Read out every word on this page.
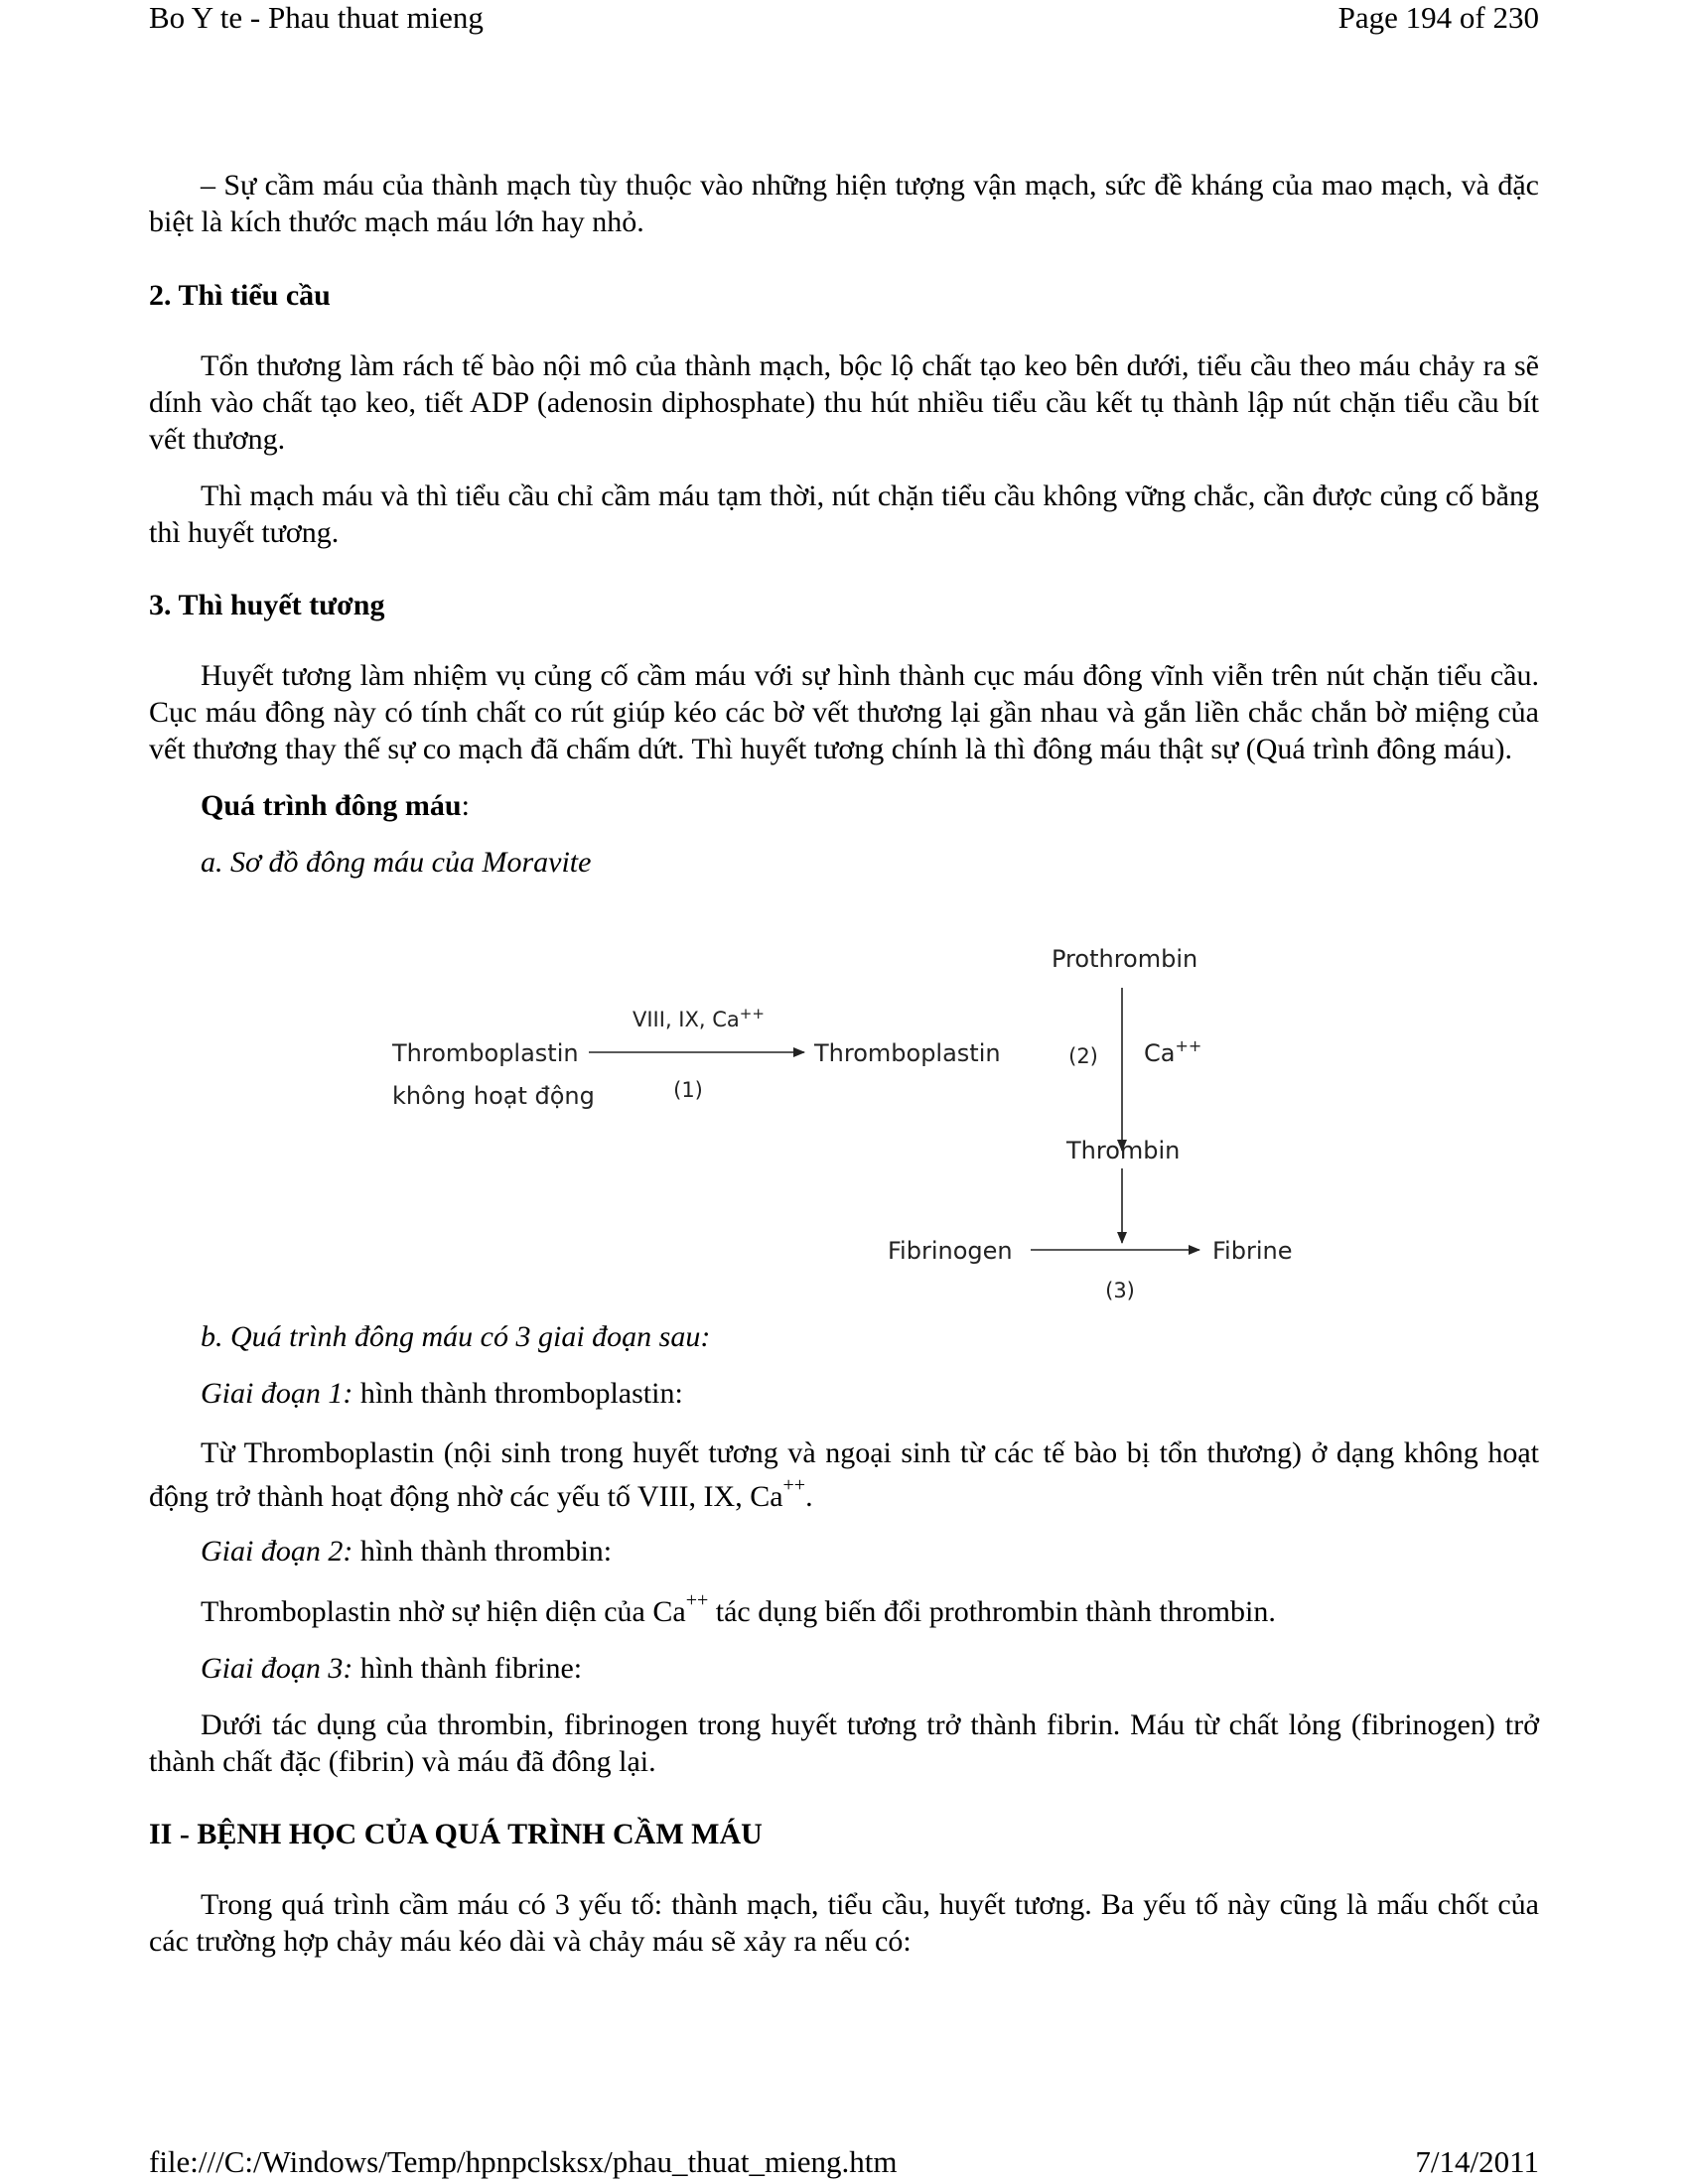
Bo Y te - Phau thuat mieng	Page 194 of 230

– Sự cầm máu của thành mạch tùy thuộc vào những hiện tượng vận mạch, sức đề kháng của mao mạch, và đặc biệt là kích thước mạch máu lớn hay nhỏ.

2. Thì tiểu cầu

Tổn thương làm rách tế bào nội mô của thành mạch, bộc lộ chất tạo keo bên dưới, tiểu cầu theo máu chảy ra sẽ dính vào chất tạo keo, tiết ADP (adenosin diphosphate) thu hút nhiều tiểu cầu kết tụ thành lập nút chặn tiểu cầu bít vết thương.

Thì mạch máu và thì tiểu cầu chỉ cầm máu tạm thời, nút chặn tiểu cầu không vững chắc, cần được củng cố bằng thì huyết tương.

3. Thì huyết tương

Huyết tương làm nhiệm vụ củng cố cầm máu với sự hình thành cục máu đông vĩnh viễn trên nút chặn tiểu cầu. Cục máu đông này có tính chất co rút giúp kéo các bờ vết thương lại gần nhau và gắn liền chắc chắn bờ miệng của vết thương thay thế sự co mạch đã chấm dứt. Thì huyết tương chính là thì đông máu thật sự (Quá trình đông máu).

Quá trình đông máu:

a. Sơ đồ đông máu của Moravite

Prothrombin
VIII, IX, Ca++
Thromboplastin
không hoạt động	(1)
Thromboplastin	(2) Ca++
Thrombin
Fibrinogen	Fibrine
(3)

b. Quá trình đông máu có 3 giai đoạn sau:

Giai đoạn 1: hình thành thromboplastin:

Từ Thromboplastin (nội sinh trong huyết tương và ngoại sinh từ các tế bào bị tổn thương) ở dạng không hoạt động trở thành hoạt động nhờ các yếu tố VIII, IX, Ca++.

Giai đoạn 2: hình thành thrombin:

Thromboplastin nhờ sự hiện diện của Ca++ tác dụng biến đổi prothrombin thành thrombin.

Giai đoạn 3: hình thành fibrine:

Dưới tác dụng của thrombin, fibrinogen trong huyết tương trở thành fibrin. Máu từ chất lỏng (fibrinogen) trở thành chất đặc (fibrin) và máu đã đông lại.

II - BỆNH HỌC CỦA QUÁ TRÌNH CẦM MÁU

Trong quá trình cầm máu có 3 yếu tố: thành mạch, tiểu cầu, huyết tương. Ba yếu tố này cũng là mấu chốt của các trường hợp chảy máu kéo dài và chảy máu sẽ xảy ra nếu có:

file:///C:/Windows/Temp/hpnpclsksx/phau_thuat_mieng.htm	7/14/2011
